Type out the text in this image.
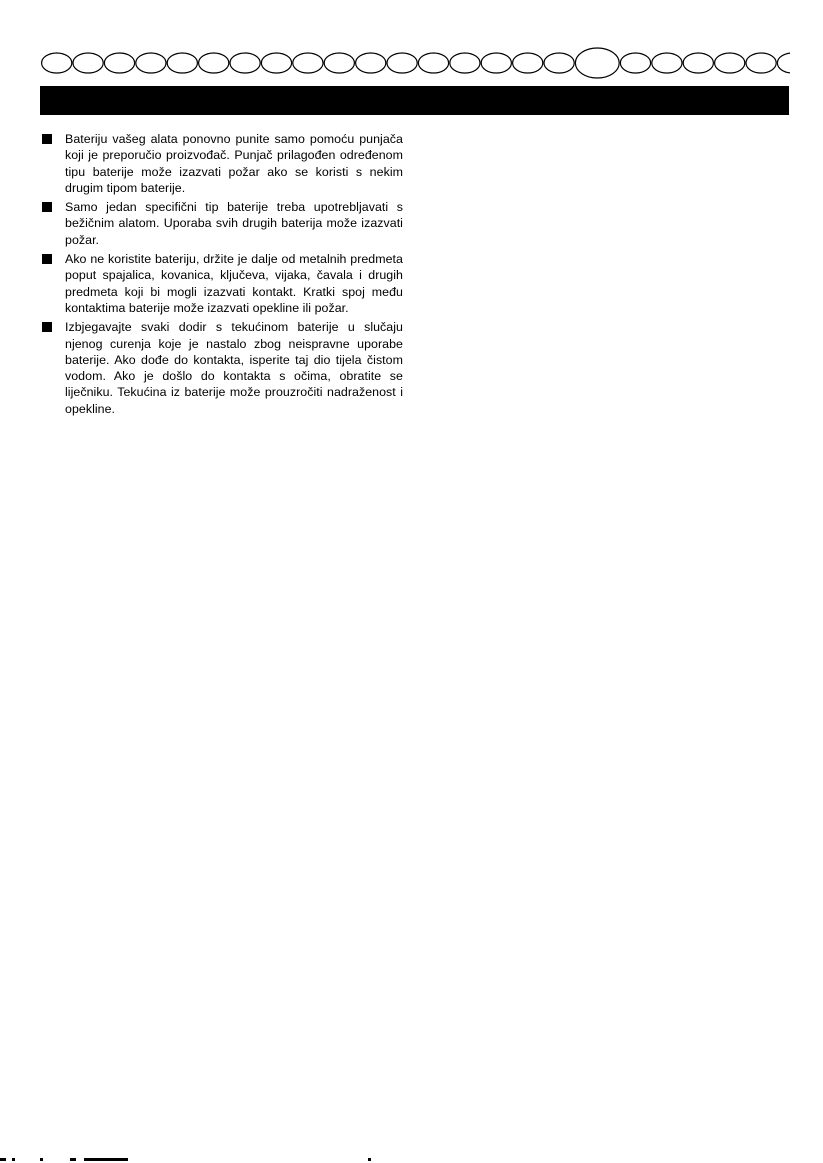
Bateriju vašeg alata ponovno punite samo pomoću punjača koji je preporučio proizvođač. Punjač prilagođen određenom tipu baterije može izazvati požar ako se koristi s nekim drugim tipom baterije.
Samo jedan specifični tip baterije treba upotrebljavati s bežičnim alatom. Uporaba svih drugih baterija može izazvati požar.
Ako ne koristite bateriju, držite je dalje od metalnih predmeta poput spajalica, kovanica, ključeva, vijaka, čavala i drugih predmeta koji bi mogli izazvati kontakt. Kratki spoj među kontaktima baterije može izazvati opekline ili požar.
Izbjegavajte svaki dodir s tekućinom baterije u slučaju njenog curenja koje je nastalo zbog neispravne uporabe baterije. Ako dođe do kontakta, isperite taj dio tijela čistom vodom. Ako je došlo do kontakta s očima, obratite se liječniku. Tekućina iz baterije može prouzročiti nadraženost i opekline.
